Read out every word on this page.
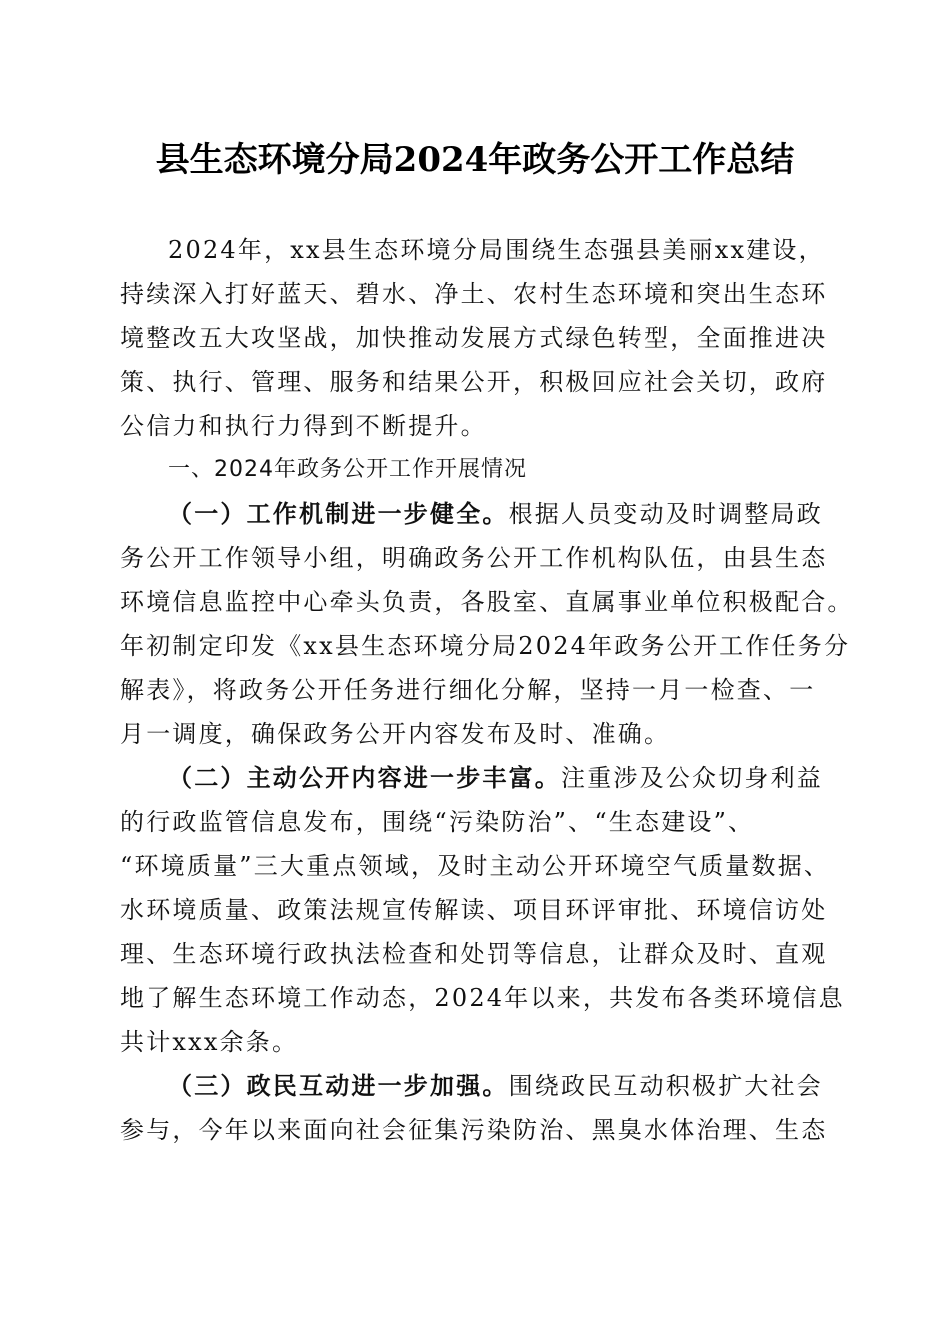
县生态环境分局2024年政务公开工作总结
2024年，xx县生态环境分局围绕生态强县美丽xx建设，
持续深入打好蓝天、碧水、净土、农村生态环境和突出生态环
境整改五大攻坚战，加快推动发展方式绿色转型，全面推进决
策、执行、管理、服务和结果公开，积极回应社会关切，政府
公信力和执行力得到不断提升。
一、2024年政务公开工作开展情况
（一）工作机制进一步健全。根据人员变动及时调整局政
务公开工作领导小组，明确政务公开工作机构队伍，由县生态
环境信息监控中心牵头负责，各股室、直属事业单位积极配合。
年初制定印发《xx县生态环境分局2024年政务公开工作任务分
解表》，将政务公开任务进行细化分解，坚持一月一检查、一
月一调度，确保政务公开内容发布及时、准确。
（二）主动公开内容进一步丰富。注重涉及公众切身利益
的行政监管信息发布，围绕“污染防治”、“生态建设”、
“环境质量”三大重点领域，及时主动公开环境空气质量数据、
水环境质量、政策法规宣传解读、项目环评审批、环境信访处
理、生态环境行政执法检查和处罚等信息，让群众及时、直观
地了解生态环境工作动态，2024年以来，共发布各类环境信息
共计xxx余条。
（三）政民互动进一步加强。围绕政民互动积极扩大社会
参与，今年以来面向社会征集污染防治、黑臭水体治理、生态
